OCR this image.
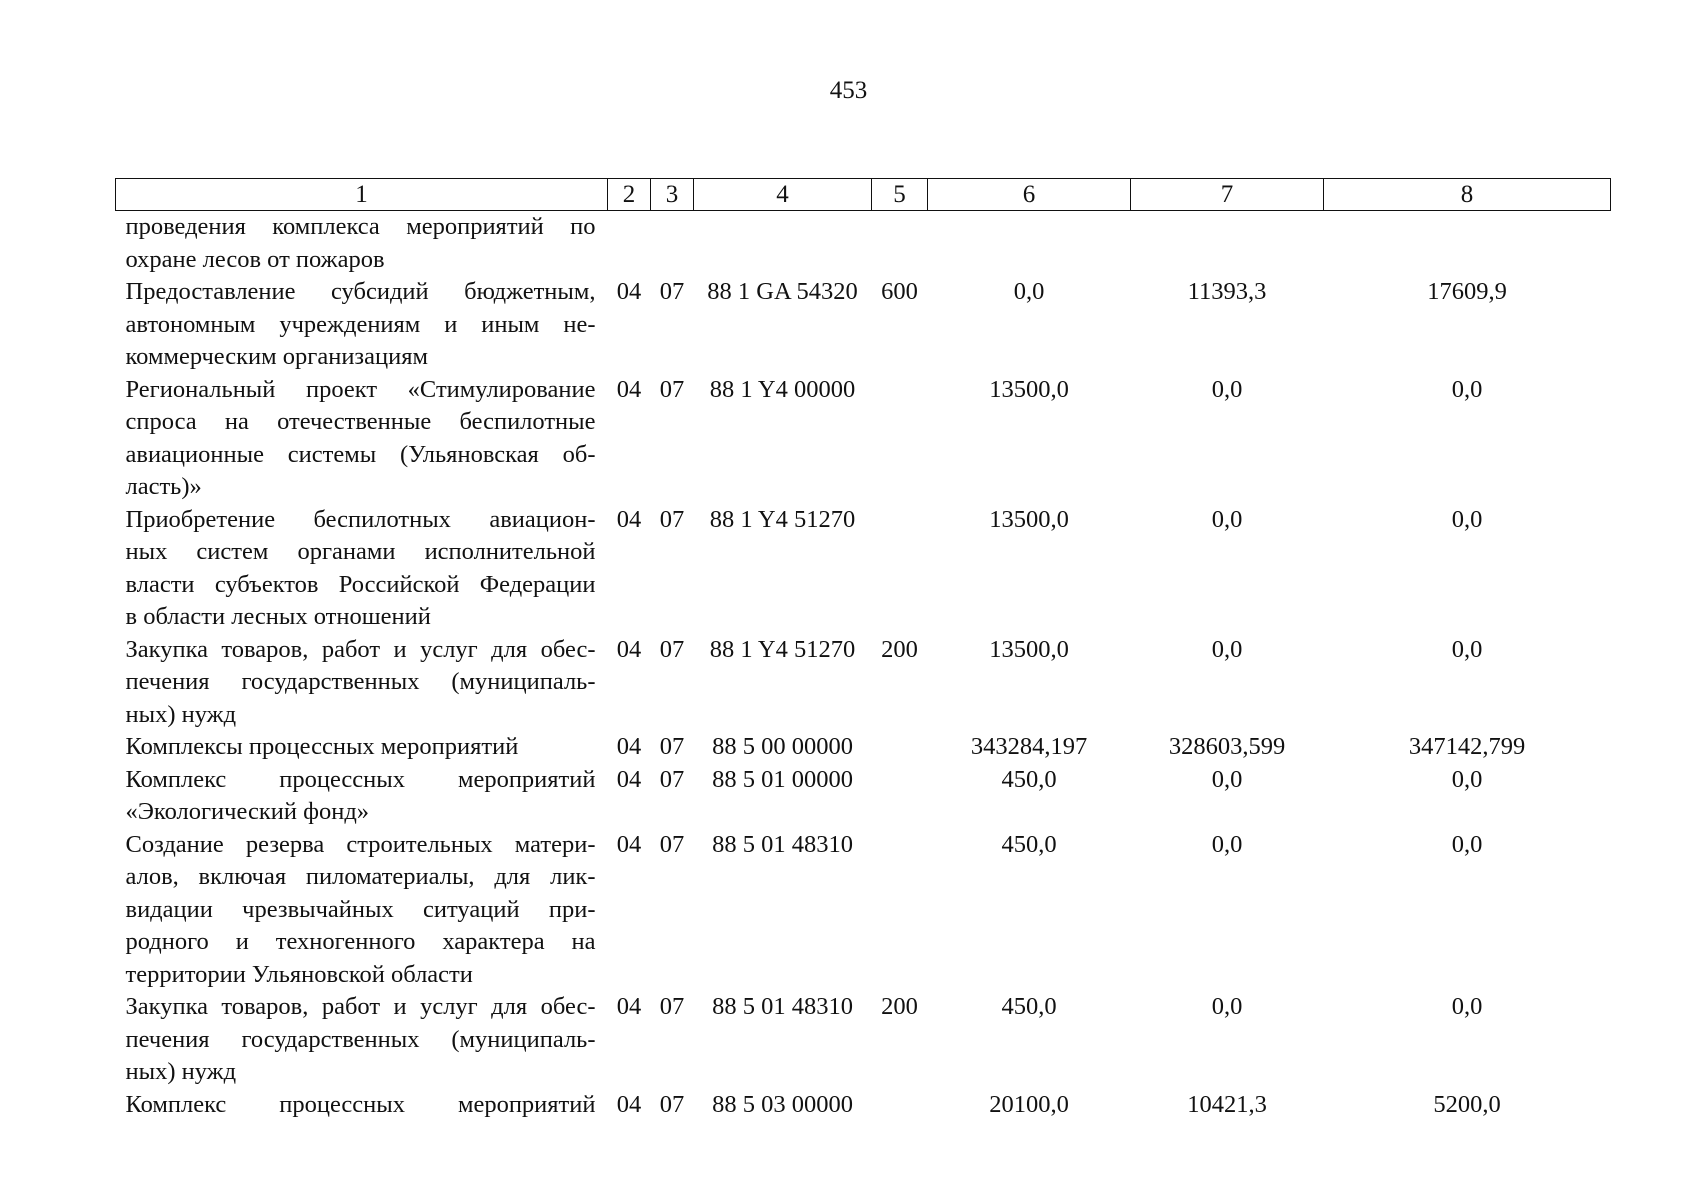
453
1	2	3	4	5	6	7	8

проведения комплекса мероприятий по
охране лесов от пожаров							

Предоставление субсидий бюджетным,
автономным учреждениям и иным не-
коммерческим организациям	04	07	88 1 GA 54320	600	0,0	11393,3	17609,9

Региональный проект «Стимулирование
спроса на отечественные беспилотные
авиационные системы (Ульяновская об-
ласть)»	04	07	88 1 Y4 00000		13500,0	0,0	0,0

Приобретение беспилотных авиацион-
ных систем органами исполнительной
власти субъектов Российской Федерации
в области лесных отношений	04	07	88 1 Y4 51270		13500,0	0,0	0,0

Закупка товаров, работ и услуг для обес-
печения государственных (муниципаль-
ных) нужд	04	07	88 1 Y4 51270	200	13500,0	0,0	0,0

Комплексы процессных мероприятий	04	07	88 5 00 00000		343284,197	328603,599	347142,799

Комплекс процессных мероприятий
«Экологический фонд»	04	07	88 5 01 00000		450,0	0,0	0,0

Создание резерва строительных матери-
алов, включая пиломатериалы, для лик-
видации чрезвычайных ситуаций при-
родного и техногенного характера на
территории Ульяновской области	04	07	88 5 01 48310		450,0	0,0	0,0

Закупка товаров, работ и услуг для обес-
печения государственных (муниципаль-
ных) нужд	04	07	88 5 01 48310	200	450,0	0,0	0,0

Комплекс процессных мероприятий	04	07	88 5 03 00000		20100,0	10421,3	5200,0
